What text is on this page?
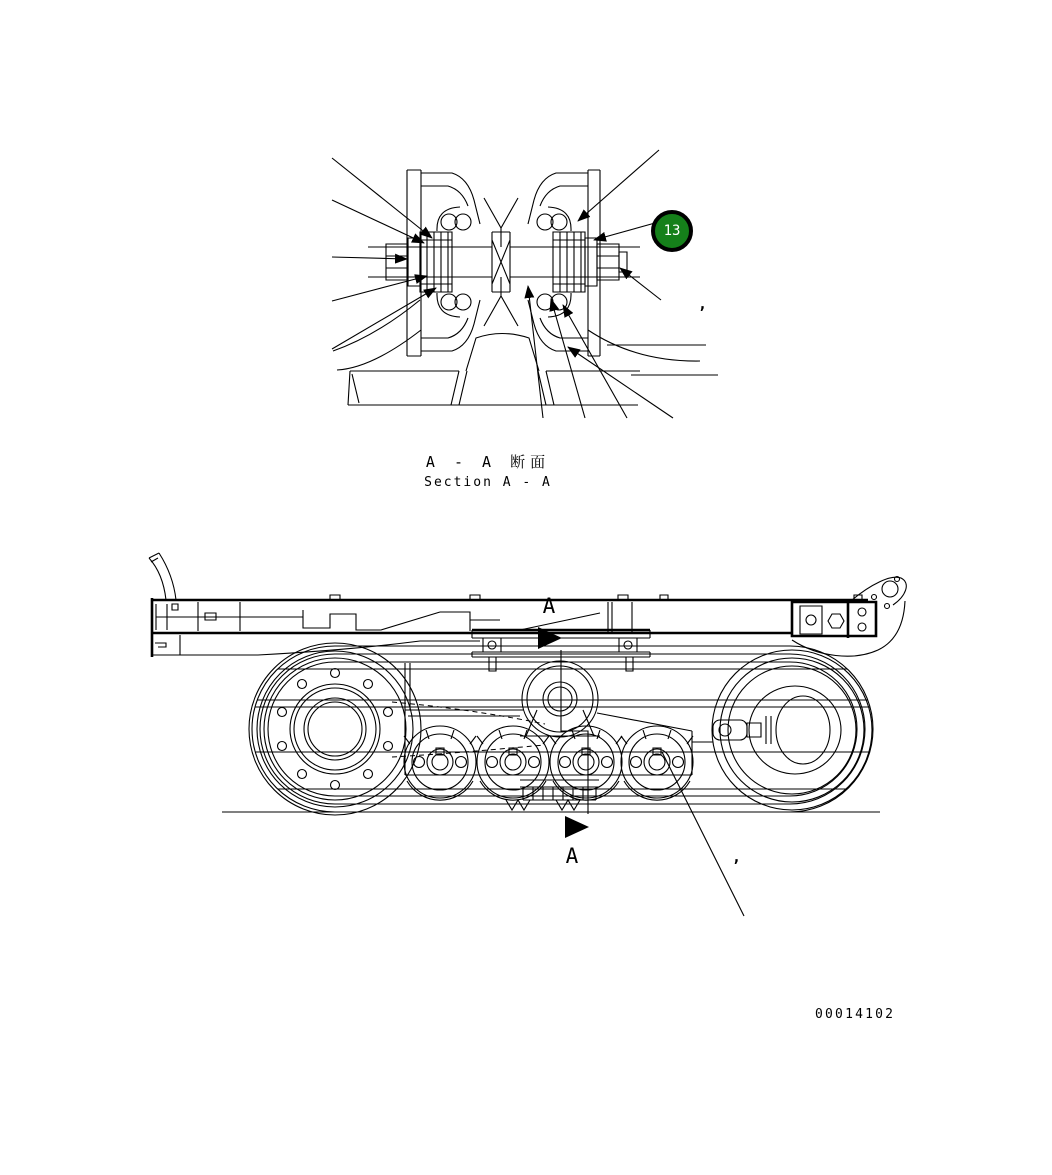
13
A - A 断面
Section A - A
,
,
A
A
00014102
